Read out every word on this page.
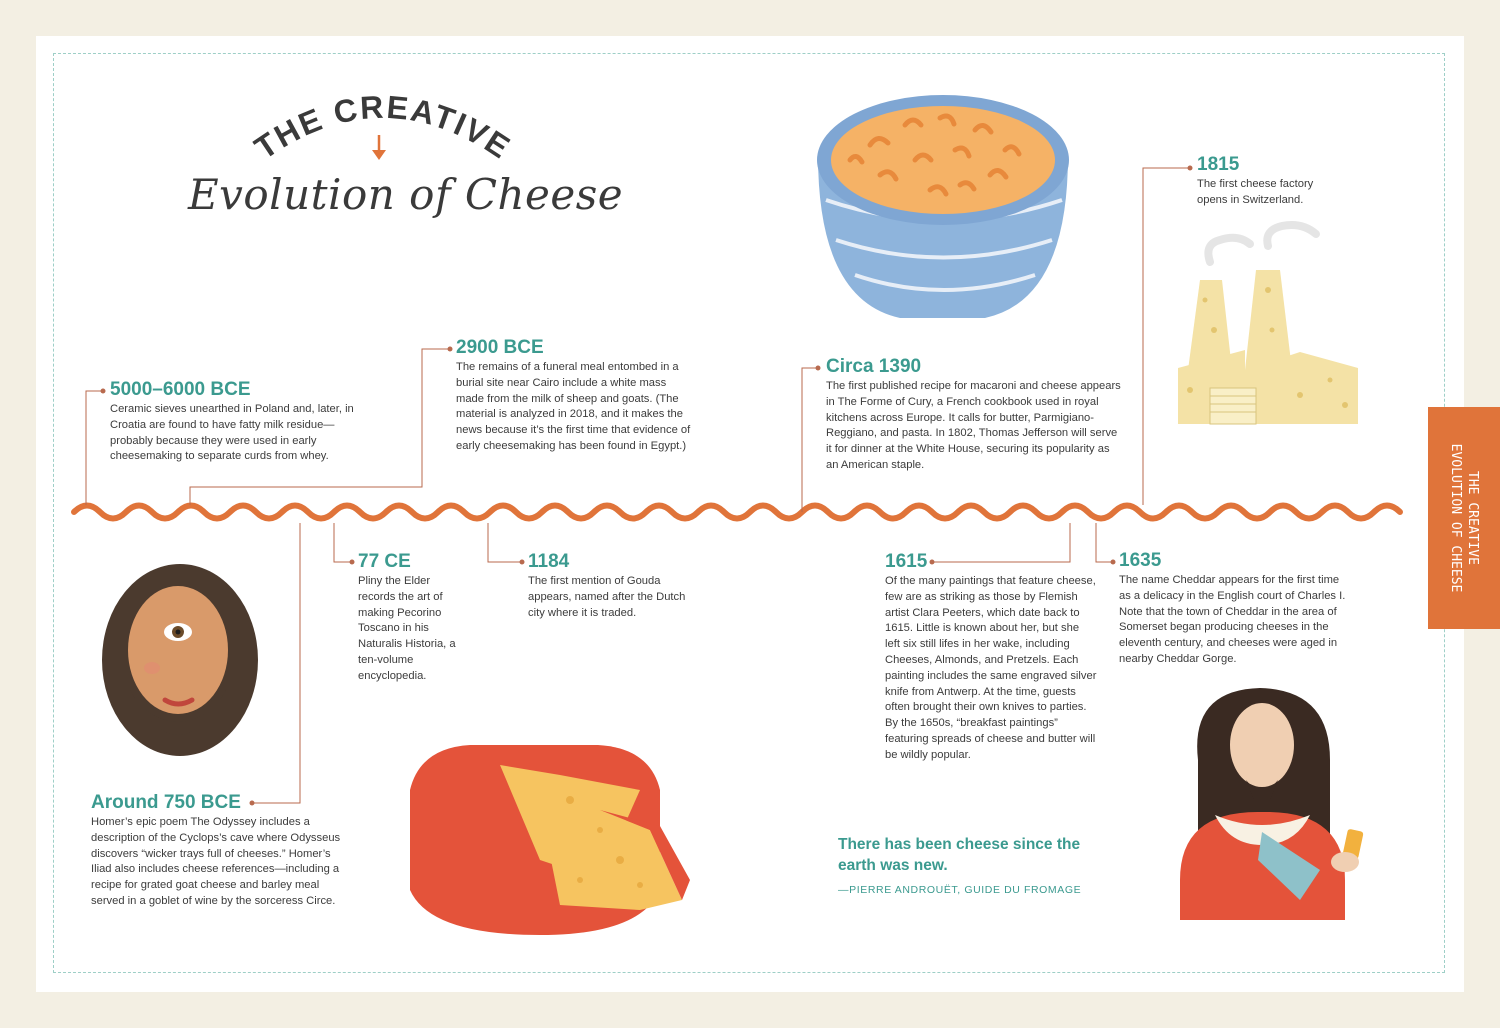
THE CREATIVE
Evolution of Cheese
THE CREATIVE
EVOLUTION OF CHEESE
5000–6000 BCE
Ceramic sieves unearthed in Poland and, later, in Croatia are found to have fatty milk residue—probably because they were used in early cheesemaking to separate curds from whey.
2900 BCE
The remains of a funeral meal entombed in a burial site near Cairo include a white mass made from the milk of sheep and goats. (The material is analyzed in 2018, and it makes the news because it’s the first time that evidence of early cheesemaking has been found in Egypt.)
Around 750 BCE
Homer’s epic poem The Odyssey includes a description of the Cyclops’s cave where Odysseus discovers “wicker trays full of cheeses.” Homer’s Iliad also includes cheese references—including a recipe for grated goat cheese and barley meal served in a goblet of wine by the sorceress Circe.
77 CE
Pliny the Elder records the art of making Pecorino Toscano in his Naturalis Historia, a ten-volume encyclopedia.
1184
The first mention of Gouda appears, named after the Dutch city where it is traded.
Circa 1390
The first published recipe for macaroni and cheese appears in The Forme of Cury, a French cookbook used in royal kitchens across Europe. It calls for butter, Parmigiano-Reggiano, and pasta. In 1802, Thomas Jefferson will serve it for dinner at the White House, securing its popularity as an American staple.
1615
Of the many paintings that feature cheese, few are as striking as those by Flemish artist Clara Peeters, which date back to 1615. Little is known about her, but she left six still lifes in her wake, including Cheeses, Almonds, and Pretzels. Each painting includes the same engraved silver knife from Antwerp. At the time, guests often brought their own knives to parties. By the 1650s, “breakfast paintings” featuring spreads of cheese and butter will be wildly popular.
1635
The name Cheddar appears for the first time as a delicacy in the English court of Charles I. Note that the town of Cheddar in the area of Somerset began producing cheeses in the eleventh century, and cheeses were aged in nearby Cheddar Gorge.
1815
The first cheese factory opens in Switzerland.
There has been cheese since the earth was new.
—PIERRE ANDROUËT, GUIDE DU FROMAGE
